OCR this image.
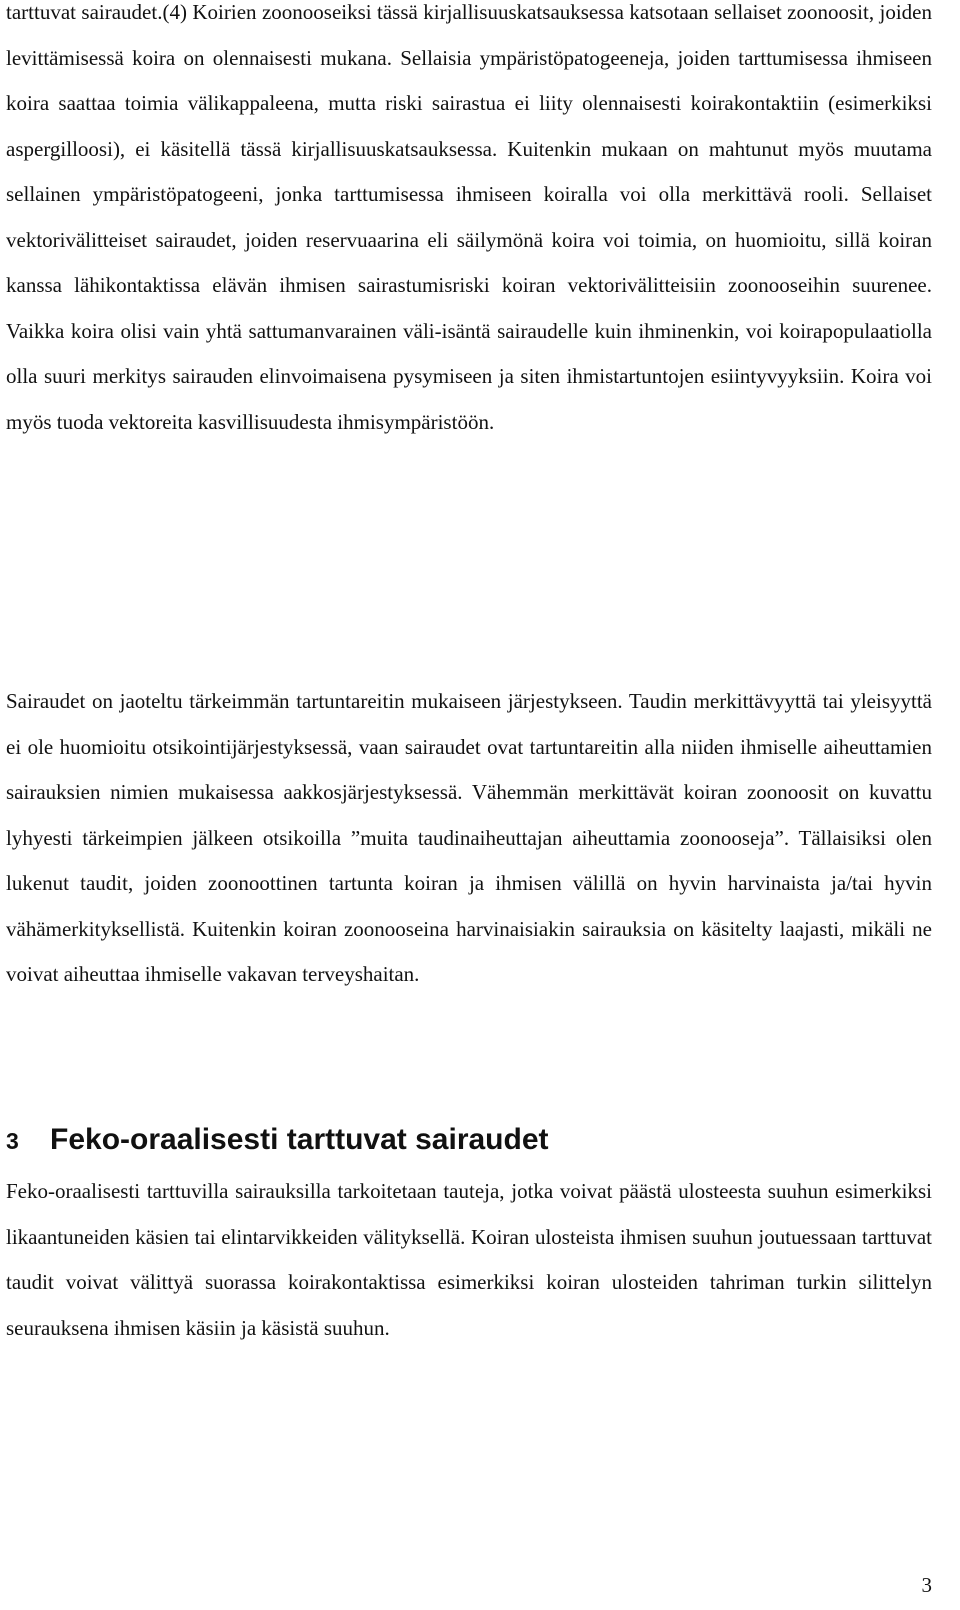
tarttuvat sairaudet.(4) Koirien zoonooseiksi tässä kirjallisuuskatsauksessa katsotaan sellaiset zoonoosit, joiden levittämisessä koira on olennaisesti mukana. Sellaisia ympäristöpatogeeneja, joiden tarttumisessa ihmiseen koira saattaa toimia välikappaleena, mutta riski sairastua ei liity olennaisesti koirakontaktiin (esimerkiksi aspergilloosi), ei käsitellä tässä kirjallisuuskatsauksessa. Kuitenkin mukaan on mahtunut myös muutama sellainen ympäristöpatogeeni, jonka tarttumisessa ihmiseen koiralla voi olla merkittävä rooli. Sellaiset vektorivälitteiset sairaudet, joiden reservuaarina eli säilymönä koira voi toimia, on huomioitu, sillä koiran kanssa lähikontaktissa elävän ihmisen sairastumisriski koiran vektorivälitteisiin zoonooseihin suurenee. Vaikka koira olisi vain yhtä sattumanvarainen väli-isäntä sairaudelle kuin ihminenkin, voi koirapopulaatiolla olla suuri merkitys sairauden elinvoimaisena pysymiseen ja siten ihmistartuntojen esiintyvyyksiin. Koira voi myös tuoda vektoreita kasvillisuudesta ihmisympäristöön.

Sairaudet on jaoteltu tärkeimmän tartuntareitin mukaiseen järjestykseen. Taudin merkittävyyttä tai yleisyyttä ei ole huomioitu otsikointijärjestyksessä, vaan sairaudet ovat tartuntareitin alla niiden ihmiselle aiheuttamien sairauksien nimien mukaisessa aakkosjärjestyksessä. Vähemmän merkittävät koiran zoonoosit on kuvattu lyhyesti tärkeimpien jälkeen otsikoilla ”muita taudinaiheuttajan aiheuttamia zoonooseja”. Tällaisiksi olen lukenut taudit, joiden zoonoottinen tartunta koiran ja ihmisen välillä on hyvin harvinaista ja/tai hyvin vähämerkityksellistä. Kuitenkin koiran zoonooseina harvinaisiakin sairauksia on käsitelty laajasti, mikäli ne voivat aiheuttaa ihmiselle vakavan terveyshaitan.

3 Feko-oraalisesti tarttuvat sairaudet

Feko-oraalisesti tarttuvilla sairauksilla tarkoitetaan tauteja, jotka voivat päästä ulosteesta suuhun esimerkiksi likaantuneiden käsien tai elintarvikkeiden välityksellä. Koiran ulosteista ihmisen suuhun joutuessaan tarttuvat taudit voivat välittyä suorassa koirakontaktissa esimerkiksi koiran ulosteiden tahriman turkin silittelyn seurauksena ihmisen käsiin ja käsistä suuhun.

3
